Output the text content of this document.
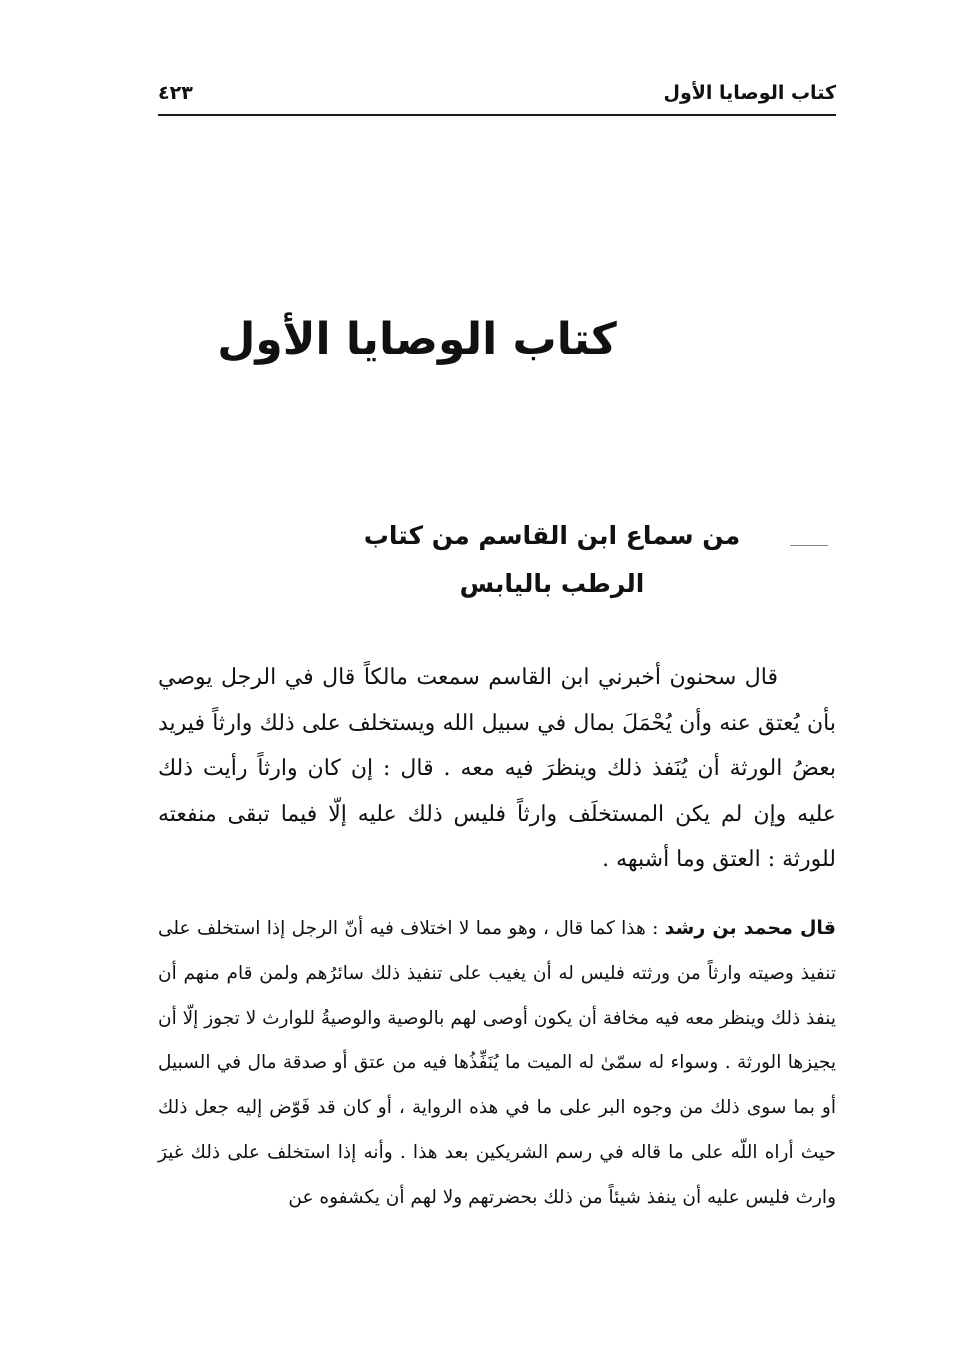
كتاب الوصايا الأول
٤٢٣
كتاب الوصايا الأول
من سماع ابن القاسم من كتاب
الرطب باليابس

قال سحنون أخبرني ابن القاسم سمعت مالكاً قال في الرجل يوصي بأن يُعتق عنه وأن يُحْمَلَ بمال في سبيل الله ويستخلف على ذلك وارثاً فيريد بعضُ الورثة أن يُنَفذ ذلك وينظرَ فيه معه . قال : إن كان وارثاً رأيت ذلك عليه وإن لم يكن المستخلَف وارثاً فليس ذلك عليه إلّا فيما تبقى منفعته للورثة : العتق وما أشبهه .

قال محمد بن رشد : هذا كما قال ، وهو مما لا اختلاف فيه أنّ الرجل إذا استخلف على تنفيذ وصيته وارثاً من ورثته فليس له أن يغيب على تنفيذ ذلك سائرُهم ولمن قام منهم أن ينفذ ذلك وينظر معه فيه مخافة أن يكون أوصى لهم بالوصية والوصيةُ للوارث لا تجوز إلّا أن يجيزها الورثة . وسواء له سمّىٰ له الميت ما يُنَفِّذُها فيه من عتق أو صدقة مال في السبيل أو بما سوى ذلك من وجوه البر على ما في هذه الرواية ، أو كان قد فَوّض إليه جعل ذلك حيث أراه اللّه على ما قاله في رسم الشريكين بعد هذا . وأنه إذا استخلف على ذلك غيرَ وارث فليس عليه أن ينفذ شيئاً من ذلك بحضرتهم ولا لهم أن يكشفوه عن
